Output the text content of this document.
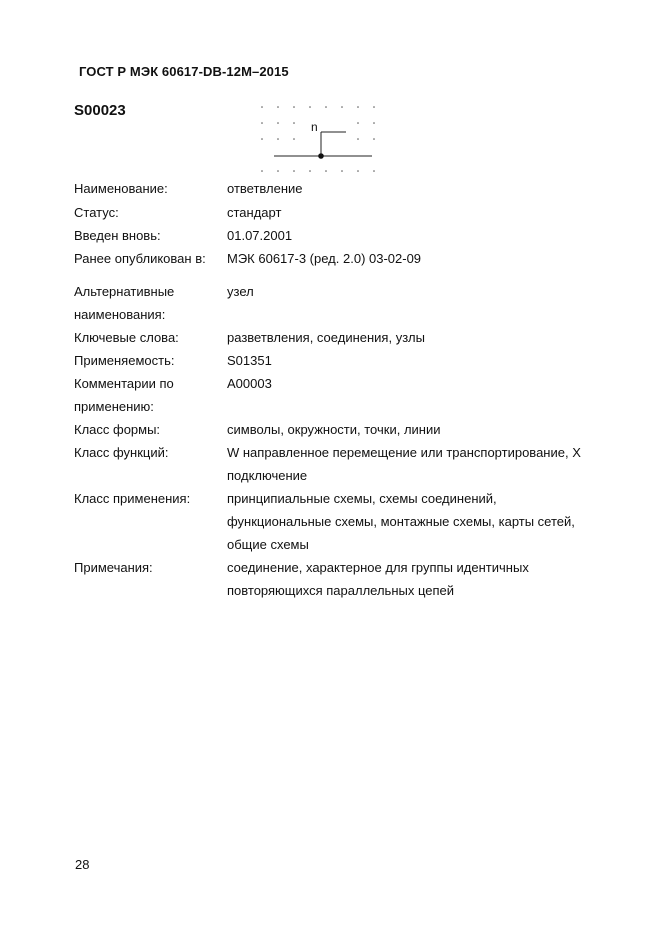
ГОСТ Р МЭК 60617-DB-12M–2015
S00023
n
Наименование:	ответвление
Статус:	стандарт
Введен вновь:	01.07.2001
Ранее опубликован в:	МЭК 60617-3 (ред. 2.0) 03-02-09
Альтернативные наименования:
узел
Ключевые слова:	разветвления, соединения, узлы
Применяемость:	S01351
Комментарии по применению:
A00003
Класс формы:	символы, окружности, точки, линии
Класс функций:	W направленное перемещение или транспортирование, X подключение
Класс применения:	принципиальные схемы, схемы соединений, функциональные схемы, монтажные схемы, карты сетей, общие схемы
Примечания:	соединение, характерное для группы идентичных повторяющихся параллельных цепей
28
